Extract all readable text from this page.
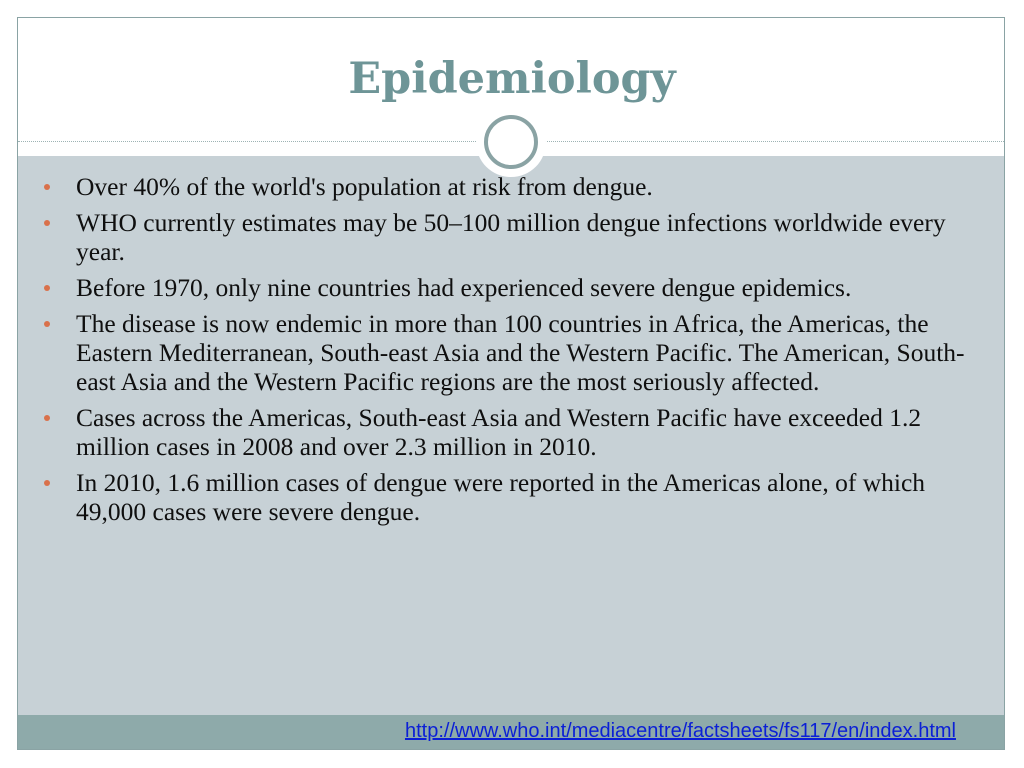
Epidemiology
Over 40% of the world's population at risk from dengue.
WHO currently estimates may be 50–100 million dengue infections worldwide every year.
Before 1970, only nine countries had experienced severe dengue epidemics.
The disease is now endemic in more than 100 countries in Africa, the Americas, the Eastern Mediterranean, South-east Asia and the Western Pacific. The American, South-east Asia and the Western Pacific regions are the most seriously affected.
Cases across the Americas, South-east Asia and Western Pacific have exceeded 1.2 million cases in 2008 and over 2.3 million in 2010.
In 2010, 1.6 million cases of dengue were reported in the Americas alone, of which 49,000 cases were severe dengue.
http://www.who.int/mediacentre/factsheets/fs117/en/index.html
